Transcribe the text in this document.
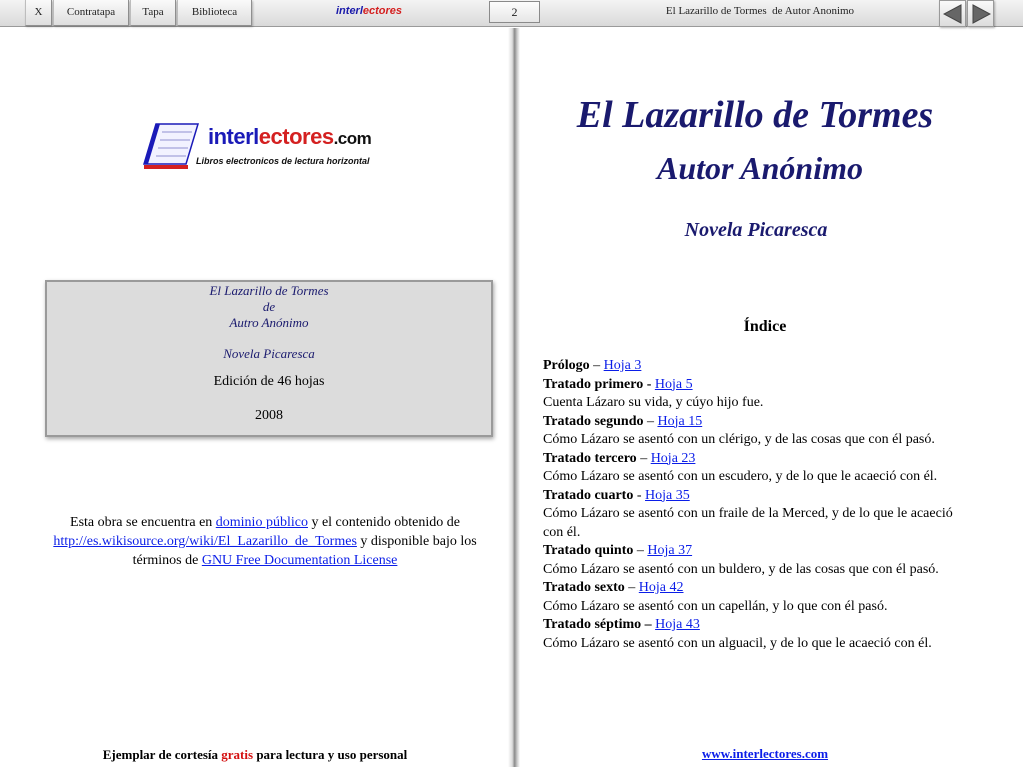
X	Contratapa	Tapa	Biblioteca	interlectores	2	El Lazarillo de Tormes  de Autor Anonimo
interlectores.com
Libros electronicos de lectura horizontal
El Lazarillo de Tormes
de
Autro Anónimo
Novela Picaresca
Edición de 46 hojas
2008
Esta obra se encuentra en dominio público y el contenido obtenido de http://es.wikisource.org/wiki/El_Lazarillo_de_Tormes y disponible bajo los términos de GNU Free Documentation License
Ejemplar de cortesía gratis para lectura y uso personal
El Lazarillo de Tormes
Autor Anónimo
Novela Picaresca
Índice
Prólogo – Hoja 3
Tratado primero - Hoja 5
Cuenta Lázaro su vida, y cúyo hijo fue.
Tratado segundo – Hoja 15
Cómo Lázaro se asentó con un clérigo, y de las cosas que con él pasó.
Tratado tercero – Hoja 23
Cómo Lázaro se asentó con un escudero, y de lo que le acaeció con él.
Tratado cuarto - Hoja 35
Cómo Lázaro se asentó con un fraile de la Merced, y de lo que le acaeció con él.
Tratado quinto – Hoja 37
Cómo Lázaro se asentó con un buldero, y de las cosas que con él pasó.
Tratado sexto – Hoja 42
Cómo Lázaro se asentó con un capellán, y lo que con él pasó.
Tratado séptimo – Hoja 43
Cómo Lázaro se asentó con un alguacil, y de lo que le acaeció con él.
www.interlectores.com
